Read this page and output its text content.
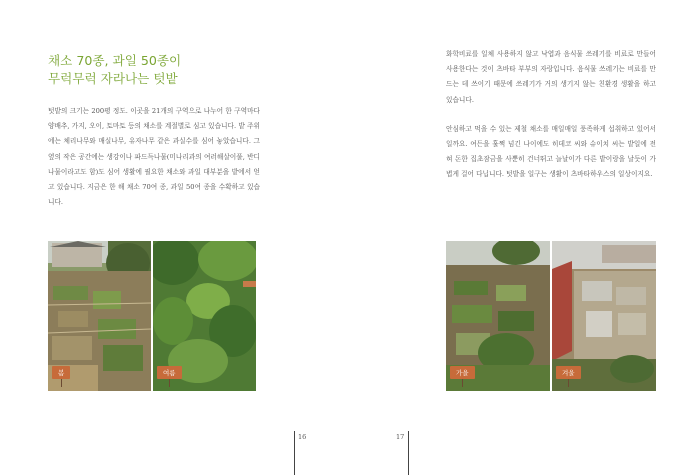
채소 70종, 과일 50종이
무럭무럭 자라나는 텃밭

텃밭의 크기는 200평 정도. 이곳을 21개의 구역으로 나누어 한 구역마다 양배추, 가지, 오이, 토마토 등의 채소를 계절별로 심고 있습니다. 밭 주위에는 체리나무와 매실나무, 유자나무 같은 과실수를 심어 놓았습니다. 그 옆의 작은 공간에는 생강이나 파드득나물(미나리과의 여러해살이풀, 반디나물이라고도 함)도 심어 생활에 필요한 채소와 과일 대부분을 밭에서 얻고 있습니다. 지금은 한 해 채소 70여 종, 과일 50여 종을 수확하고 있습니다.

봄	여름
16

화학비료를 일체 사용하지 않고 낙엽과 음식물 쓰레기를 비료로 만들어 사용한다는 것이 츠바타 부부의 자랑입니다. 음식물 쓰레기는 비료를 만드는 데 쓰이기 때문에 쓰레기가 거의 생기지 않는 친환경 생활을 하고 있습니다.

안심하고 먹을 수 있는 제철 채소를 매일매일 풍족하게 섭취하고 있어서일까요. 여든을 훌쩍 넘긴 나이에도 히데코 씨와 슈이치 씨는 밭일에 전혀 돈한 집초잠금을 사뿐히 건너뛰고 늘날이가 다른 밭이랑을 날듯이 가볍게 걸어 다닙니다. 텃밭을 일구는 생활이 츠바타하우스의 일상이지요.

가을	겨울
17
